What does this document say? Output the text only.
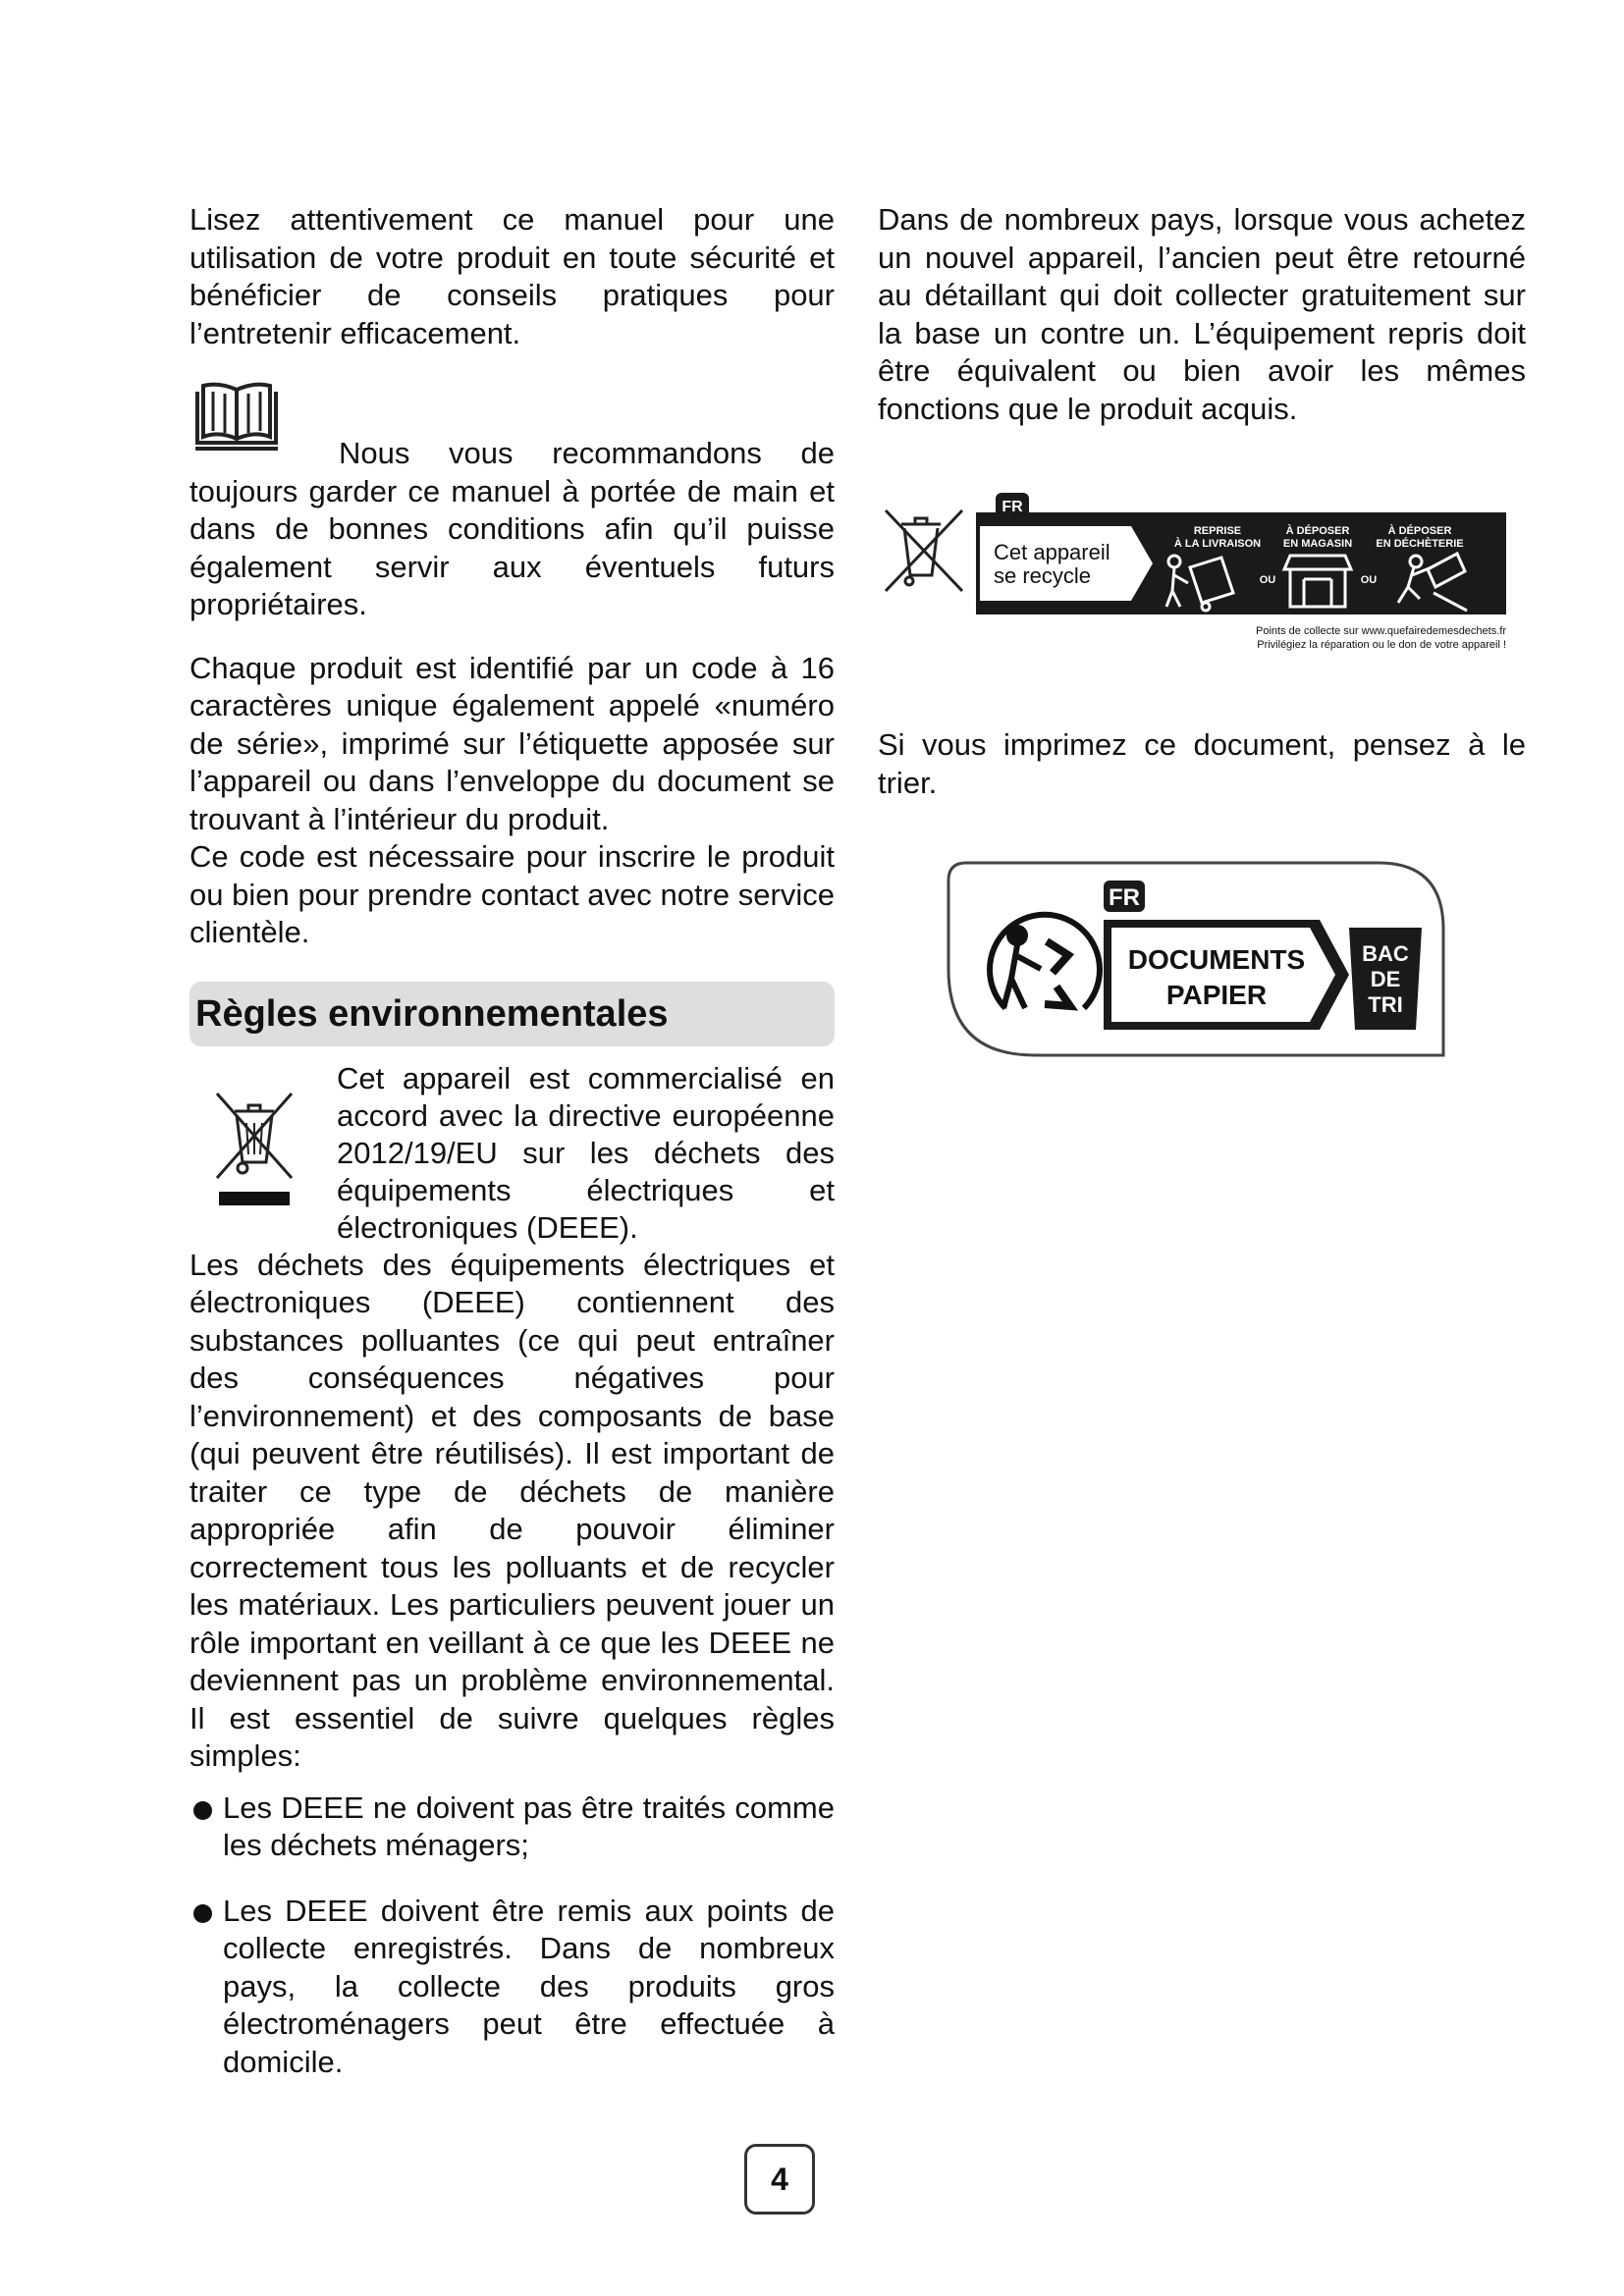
Lisez attentivement ce manuel pour une utilisation de votre produit en toute sécurité et bénéficier de conseils pratiques pour l’entretenir efficacement.

Nous vous recommandons de toujours garder ce manuel à portée de main et dans de bonnes conditions afin qu’il puisse également servir aux éventuels futurs propriétaires.

Chaque produit est identifié par un code à 16 caractères unique également appelé «numéro de série», imprimé sur l’étiquette apposée sur l’appareil ou dans l’enveloppe du document se trouvant à l’intérieur du produit.

Ce code est nécessaire pour inscrire le produit ou bien pour prendre contact avec notre service clientèle.

Règles environnementales

Cet appareil est commercialisé en accord avec la directive européenne 2012/19/EU sur les déchets des équipements électriques et électroniques (DEEE).

Les déchets des équipements électriques et électroniques (DEEE) contiennent des substances polluantes (ce qui peut entraîner des conséquences négatives pour l’environnement) et des composants de base (qui peuvent être réutilisés). Il est important de traiter ce type de déchets de manière appropriée afin de pouvoir éliminer correctement tous les polluants et de recycler les matériaux. Les particuliers peuvent jouer un rôle important en veillant à ce que les DEEE ne deviennent pas un problème environnemental. Il est essentiel de suivre quelques règles simples:

Les DEEE ne doivent pas être traités comme les déchets ménagers;

Les DEEE doivent être remis aux points de collecte enregistrés. Dans de nombreux pays, la collecte des produits gros électroménagers peut être effectuée à domicile.

Dans de nombreux pays, lorsque vous achetez un nouvel appareil, l’ancien peut être retourné au détaillant qui doit collecter gratuitement sur la base un contre un. L’équipement repris doit être équivalent ou bien avoir les mêmes fonctions que le produit acquis.

FR
Cet appareil
se recycle
REPRISE
À LA LIVRAISON
À DÉPOSER
EN MAGASIN
À DÉPOSER
EN DÉCHÈTERIE
OU	OU
Points de collecte sur www.quefairedemesdechets.fr
Privilégiez la réparation ou le don de votre appareil !

Si vous imprimez ce document, pensez à le trier.

FR
DOCUMENTS
PAPIER
BAC
DE
TRI
4
